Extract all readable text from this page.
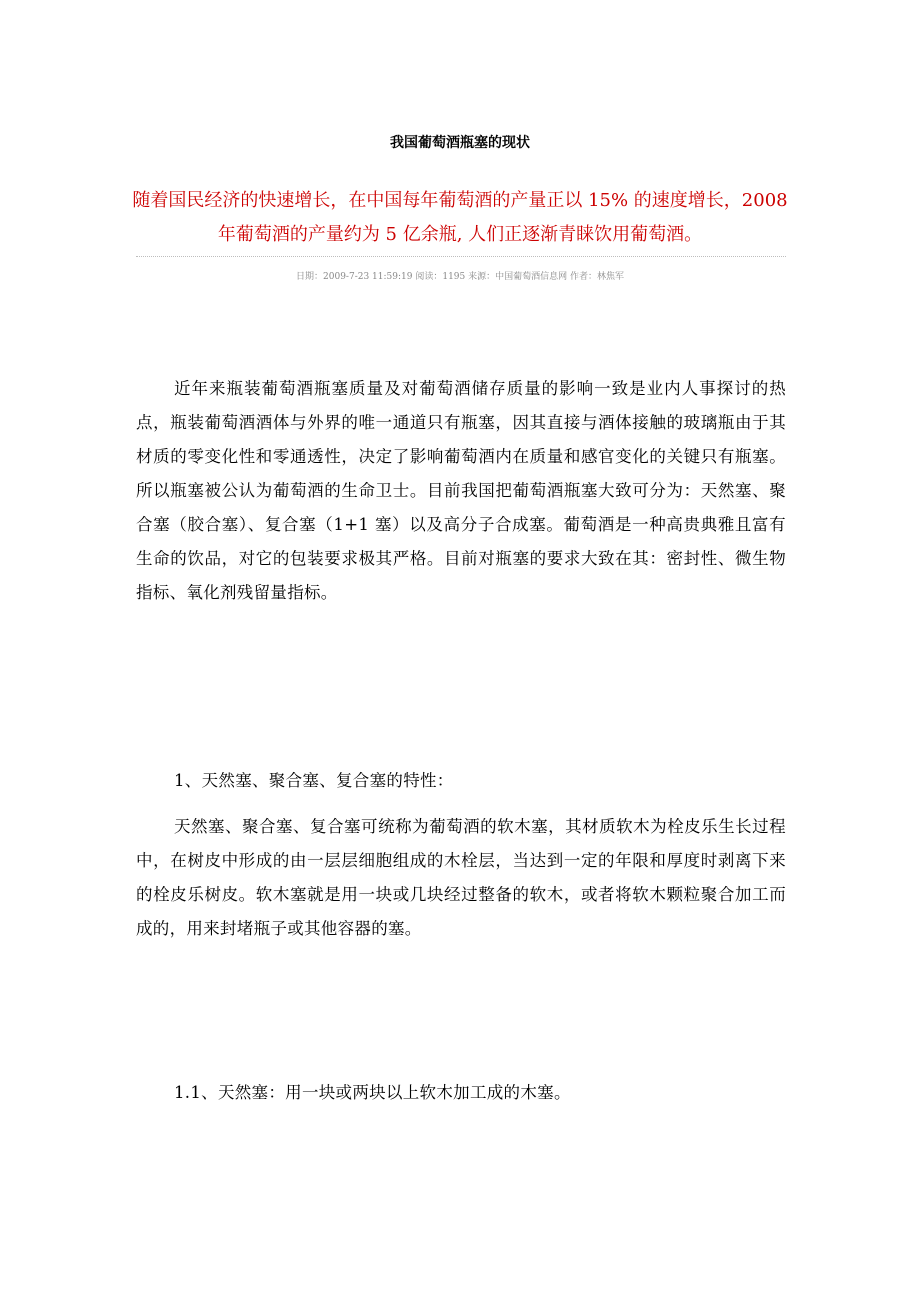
我国葡萄酒瓶塞的现状
随着国民经济的快速增长，在中国每年葡萄酒的产量正以 15% 的速度增长，2008 年葡萄酒的产量约为 5 亿余瓶, 人们正逐渐青睐饮用葡萄酒。
日期：2009-7-23 11:59:19 阅读：1195 来源：中国葡萄酒信息网 作者：林焦军

近年来瓶装葡萄酒瓶塞质量及对葡萄酒储存质量的影响一致是业内人事探讨的热点，瓶装葡萄酒酒体与外界的唯一通道只有瓶塞，因其直接与酒体接触的玻璃瓶由于其材质的零变化性和零通透性，决定了影响葡萄酒内在质量和感官变化的关键只有瓶塞。所以瓶塞被公认为葡萄酒的生命卫士。目前我国把葡萄酒瓶塞大致可分为：天然塞、聚合塞（胶合塞）、复合塞（1+1 塞）以及高分子合成塞。葡萄酒是一种高贵典雅且富有生命的饮品，对它的包装要求极其严格。目前对瓶塞的要求大致在其：密封性、微生物指标、氧化剂残留量指标。

1、天然塞、聚合塞、复合塞的特性：

天然塞、聚合塞、复合塞可统称为葡萄酒的软木塞，其材质软木为栓皮乐生长过程中，在树皮中形成的由一层层细胞组成的木栓层，当达到一定的年限和厚度时剥离下来的栓皮乐树皮。软木塞就是用一块或几块经过整备的软木，或者将软木颗粒聚合加工而成的，用来封堵瓶子或其他容器的塞。

1.1、天然塞：用一块或两块以上软木加工成的木塞。
